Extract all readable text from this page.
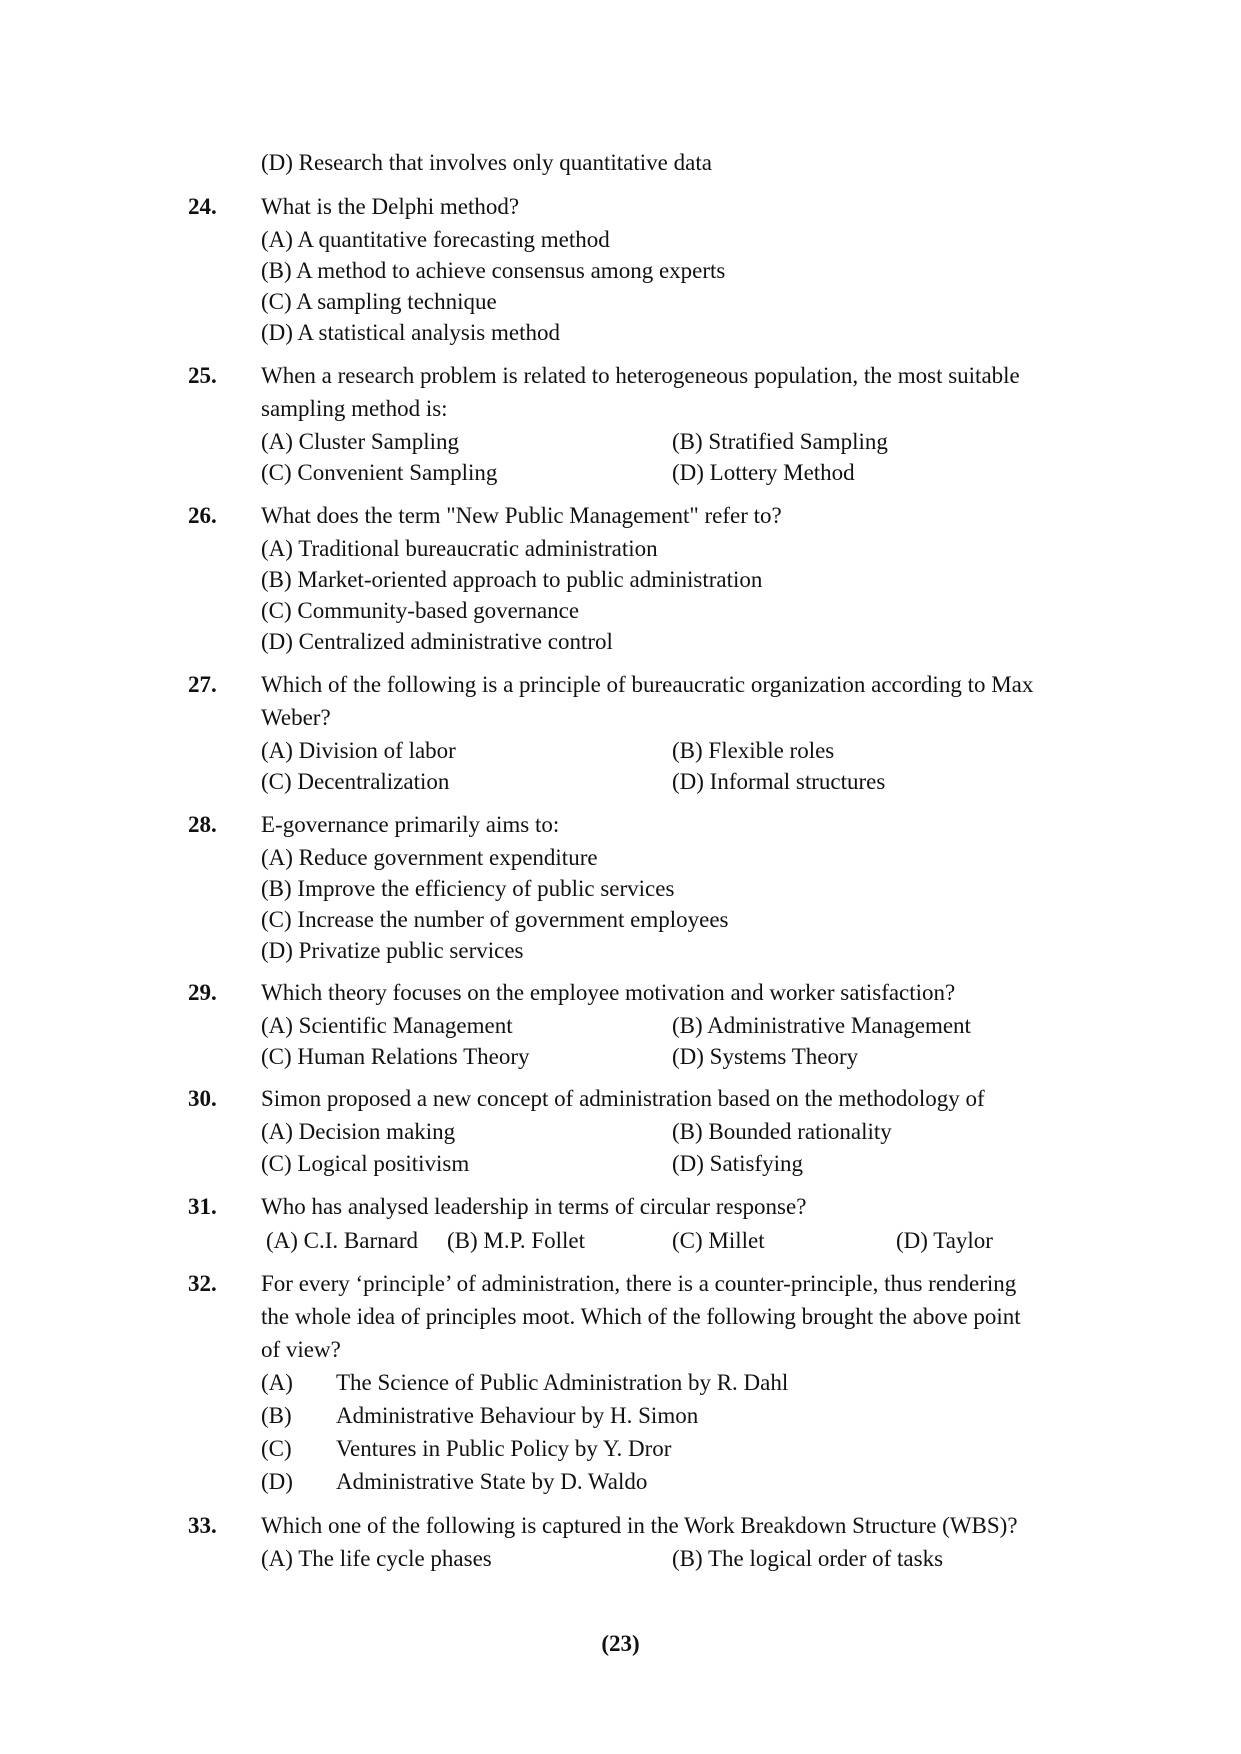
(D) Research that involves only quantitative data
24. What is the Delphi method?
(A) A quantitative forecasting method
(B) A method to achieve consensus among experts
(C) A sampling technique
(D) A statistical analysis method
25. When a research problem is related to heterogeneous population, the most suitable
sampling method is:
(A) Cluster Sampling	(B) Stratified Sampling
(C) Convenient Sampling	(D) Lottery Method
26. What does the term "New Public Management" refer to?
(A) Traditional bureaucratic administration
(B) Market-oriented approach to public administration
(C) Community-based governance
(D) Centralized administrative control
27. Which of the following is a principle of bureaucratic organization according to Max
Weber?
(A) Division of labor	(B) Flexible roles
(C) Decentralization	(D) Informal structures
28. E-governance primarily aims to:
(A) Reduce government expenditure
(B) Improve the efficiency of public services
(C) Increase the number of government employees
(D) Privatize public services
29. Which theory focuses on the employee motivation and worker satisfaction?
(A) Scientific Management	(B) Administrative Management
(C) Human Relations Theory	(D) Systems Theory
30. Simon proposed a new concept of administration based on the methodology of
(A) Decision making	(B) Bounded rationality
(C) Logical positivism	(D) Satisfying
31. Who has analysed leadership in terms of circular response?
(A) C.I. Barnard (B) M.P. Follet	(C) Millet	(D) Taylor
32. For every ‘principle’ of administration, there is a counter-principle, thus rendering
the whole idea of principles moot. Which of the following brought the above point
of view?
(A) The Science of Public Administration by R. Dahl
(B) Administrative Behaviour by H. Simon
(C) Ventures in Public Policy by Y. Dror
(D) Administrative State by D. Waldo
33. Which one of the following is captured in the Work Breakdown Structure (WBS)?
(A) The life cycle phases	(B) The logical order of tasks
(23)
